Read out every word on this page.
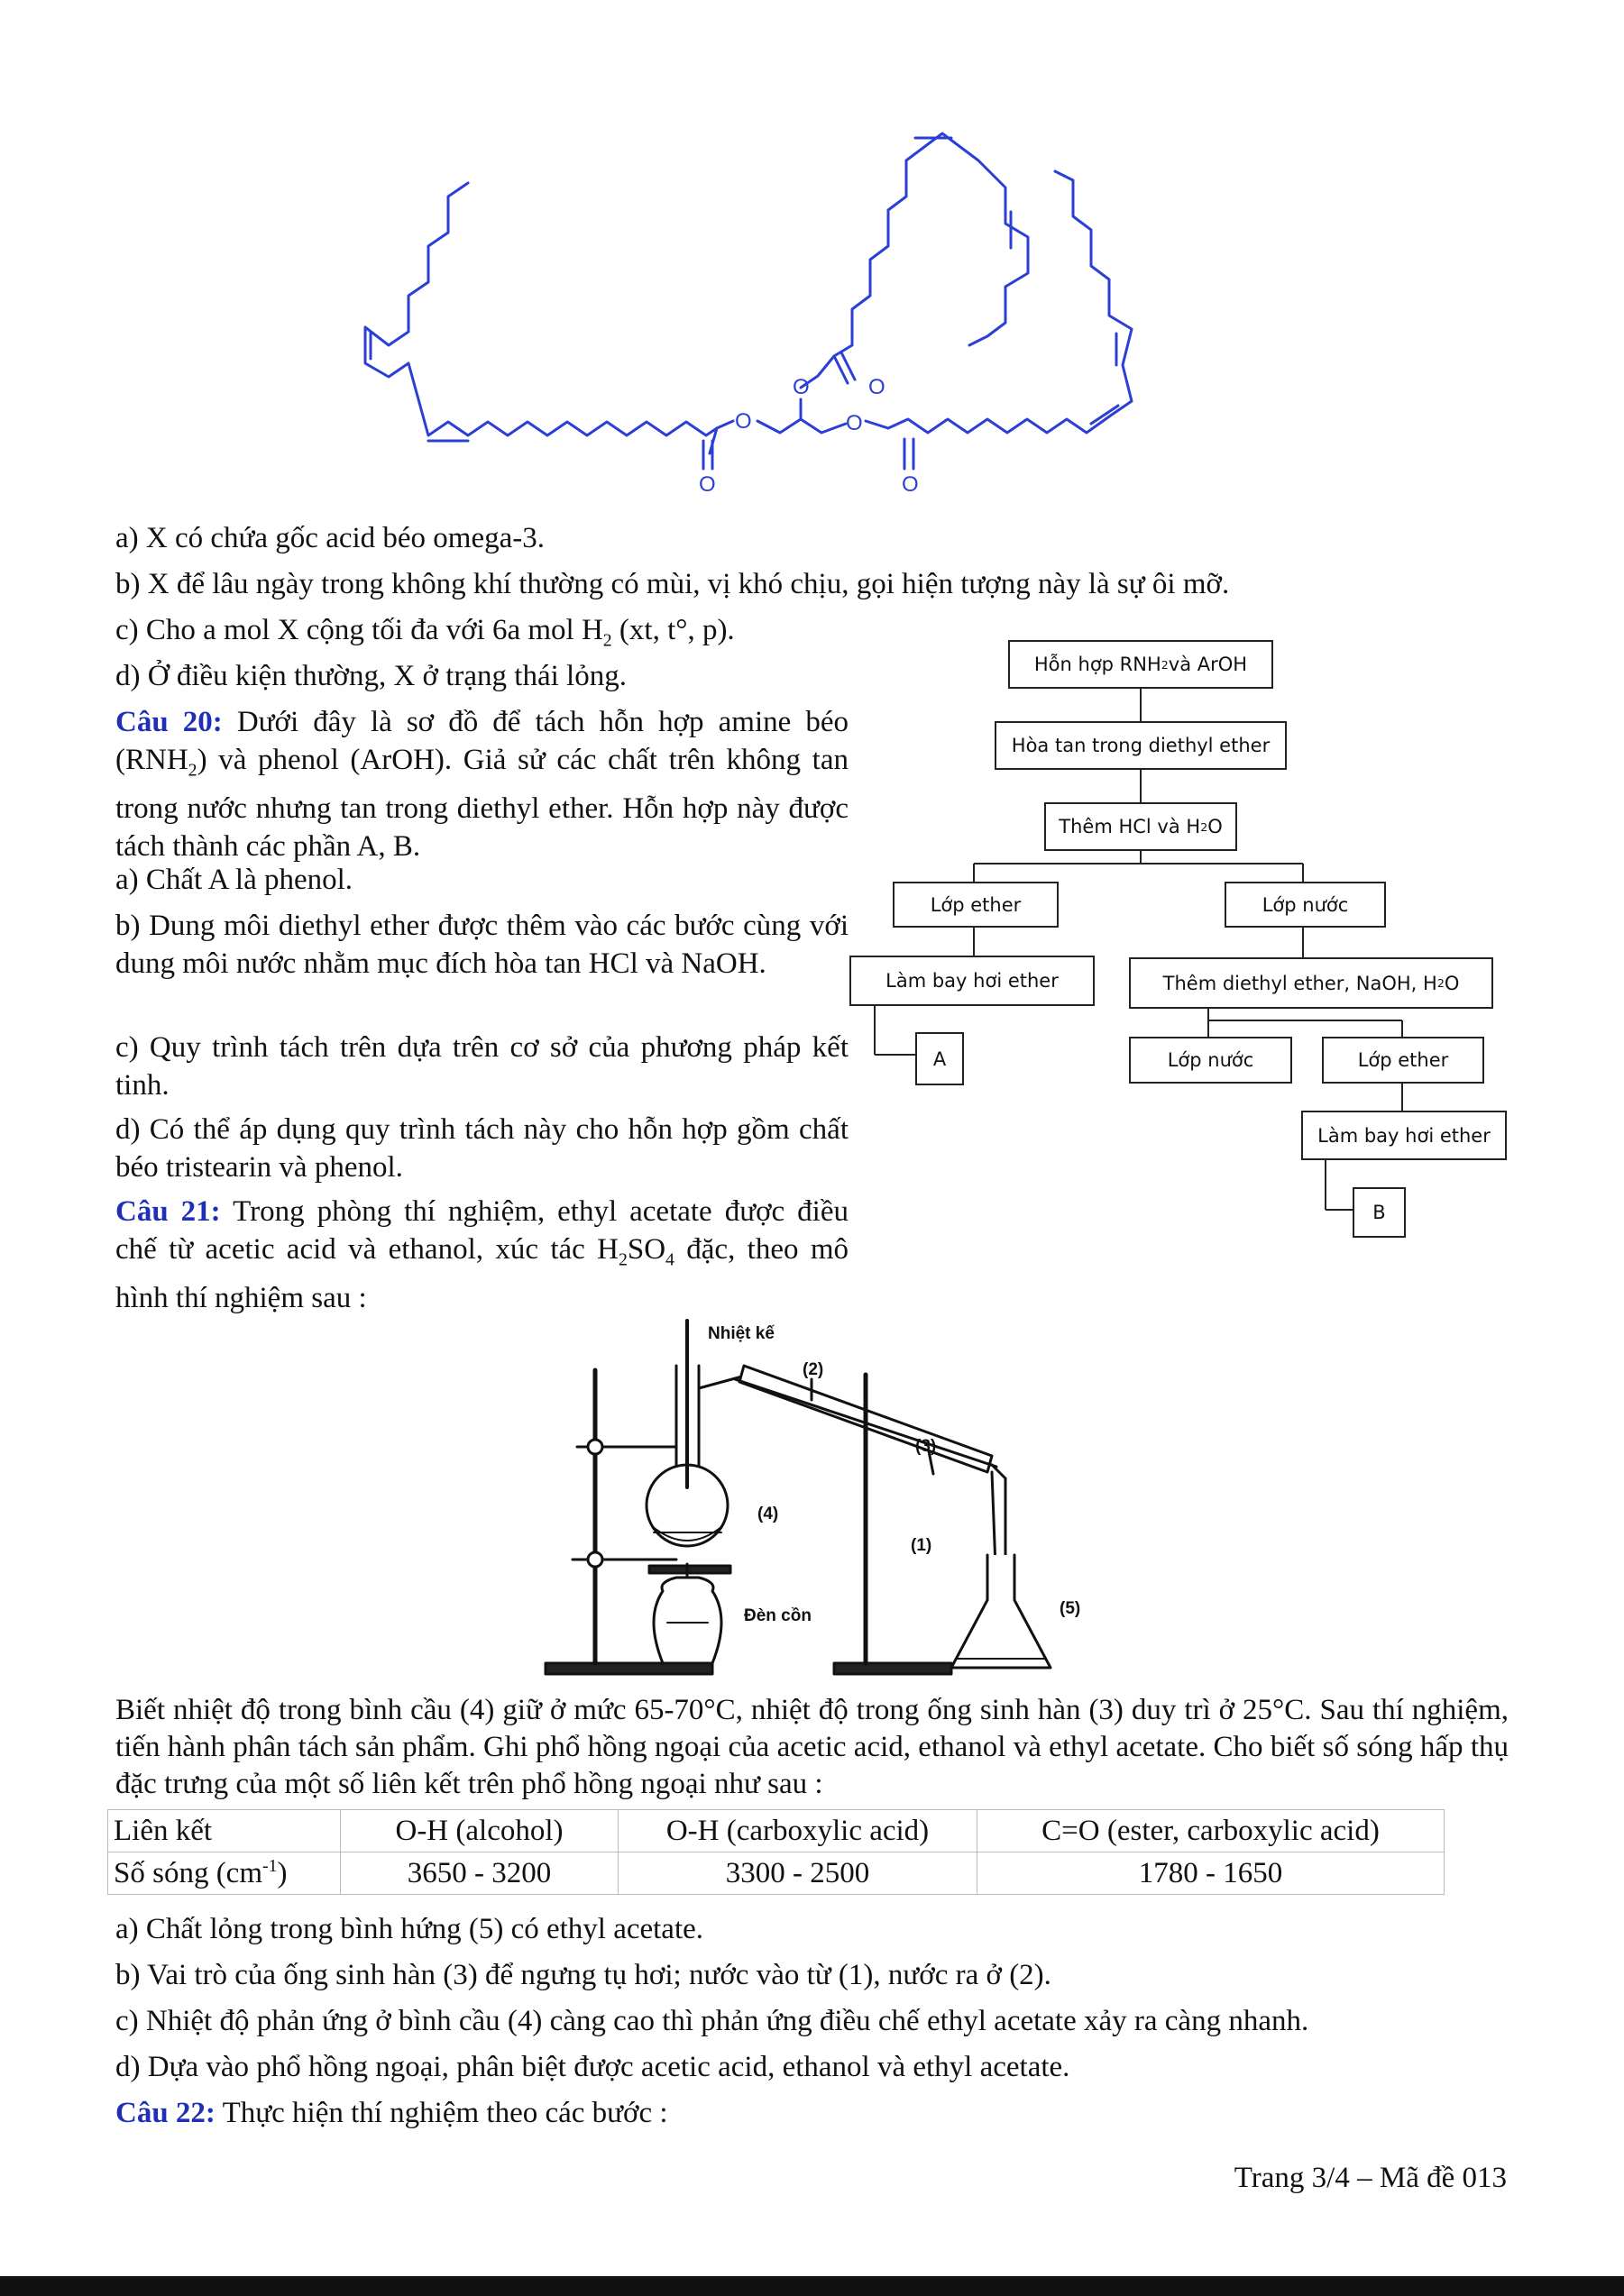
O
O
O
O
O	O
a) X có chứa gốc acid béo omega-3.
b) X để lâu ngày trong không khí thường có mùi, vị khó chịu, gọi hiện tượng này là sự ôi mỡ.
c) Cho a mol X cộng tối đa với 6a mol $H_2$ (xt, t°, p).
d) Ở điều kiện thường, X ở trạng thái lỏng.
Câu 20: Dưới đây là sơ đồ để tách hỗn hợp amine béo $(RNH_2)$ và phenol (ArOH). Giả sử các chất trên không tan trong nước nhưng tan trong diethyl ether. Hỗn hợp này được tách thành các phần A, B.
a) Chất A là phenol.
b) Dung môi diethyl ether được thêm vào các bước cùng với dung môi nước nhằm mục đích hòa tan HCl và NaOH.
c) Quy trình tách trên dựa trên cơ sở của phương pháp kết tinh.
d) Có thể áp dụng quy trình tách này cho hỗn hợp gồm chất béo tristearin và phenol.
Hỗn hợp RNH 2 và ArOH
Hòa tan trong diethyl ether
Thêm HCl và H 2 O
Lớp ether	Lớp nước
Làm bay hơi ether	Thêm diethyl ether, NaOH, H 2 O
A	Lớp nước	Lớp ether
Làm bay hơi ether
B
Câu 21: Trong phòng thí nghiệm, ethyl acetate được điều chế từ acetic acid và ethanol, xúc tác $H_2SO_4$ đặc, theo mô hình thí nghiệm sau :
Nhiệt kế
(2)
(3)
(4)
(1)
(5)
Đèn cồn
Biết nhiệt độ trong bình cầu (4) giữ ở mức 65-70°C, nhiệt độ trong ống sinh hàn (3) duy trì ở 25°C. Sau thí nghiệm, tiến hành phân tách sản phẩm. Ghi phổ hồng ngoại của acetic acid, ethanol và ethyl acetate. Cho biết số sóng hấp thụ đặc trưng của một số liên kết trên phổ hồng ngoại như sau :
Liên kết	O-H (alcohol)	O-H (carboxylic acid)	C=O (ester, carboxylic acid)
Số sóng $(cm^{-1})$	3650 - 3200	3300 - 2500	1780 - 1650
a) Chất lỏng trong bình hứng (5) có ethyl acetate.
b) Vai trò của ống sinh hàn (3) để ngưng tụ hơi; nước vào từ (1), nước ra ở (2).
c) Nhiệt độ phản ứng ở bình cầu (4) càng cao thì phản ứng điều chế ethyl acetate xảy ra càng nhanh.
d) Dựa vào phổ hồng ngoại, phân biệt được acetic acid, ethanol và ethyl acetate.
Câu 22: Thực hiện thí nghiệm theo các bước :
Trang 3/4 – Mã đề 013
